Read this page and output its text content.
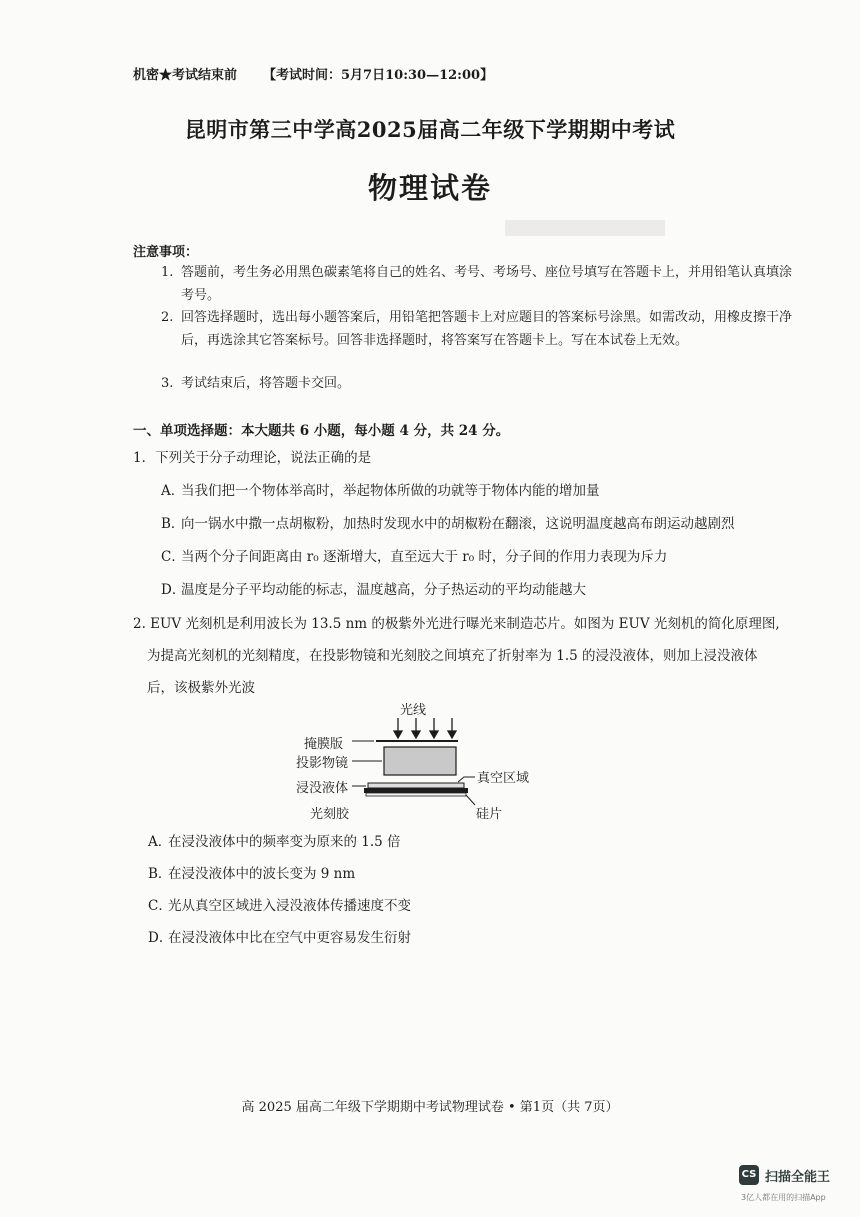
机密★考试结束前 【考试时间：5月7日10:30—12:00】
昆明市第三中学高2025届高二年级下学期期中考试
物理试卷
注意事项：
1. 答题前，考生务必用黑色碳素笔将自己的姓名、考号、考场号、座位号填写在答题卡上，并用铅笔认真填涂考号。
2. 回答选择题时，选出每小题答案后，用铅笔把答题卡上对应题目的答案标号涂黑。如需改动，用橡皮擦干净后，再选涂其它答案标号。回答非选择题时，将答案写在答题卡上。写在本试卷上无效。
3. 考试结束后，将答题卡交回。
一、单项选择题：本大题共 6 小题，每小题 4 分，共 24 分。
1．下列关于分子动理论，说法正确的是
A．当我们把一个物体举高时，举起物体所做的功就等于物体内能的增加量
B．向一锅水中撒一点胡椒粉，加热时发现水中的胡椒粉在翻滚，这说明温度越高布朗运动越剧烈
C．当两个分子间距离由 r₀ 逐渐增大，直至远大于 r₀ 时，分子间的作用力表现为斥力
D．温度是分子平均动能的标志，温度越高，分子热运动的平均动能越大
2. EUV 光刻机是利用波长为 13.5 nm 的极紫外光进行曝光来制造芯片。如图为 EUV 光刻机的简化原理图,
为提高光刻机的光刻精度，在投影物镜和光刻胶之间填充了折射率为 1.5 的浸没液体，则加上浸没液体
后，该极紫外光波
光线
掩膜版
投影物镜
浸没液体
光刻胶
真空区域
硅片
A．在浸没液体中的频率变为原来的 1.5 倍
B．在浸没液体中的波长变为 9 nm
C．光从真空区域进入浸没液体传播速度不变
D．在浸没液体中比在空气中更容易发生衍射
高 2025 届高二年级下学期期中考试物理试卷 • 第1页（共 7页）
CS 扫描全能王
3亿人都在用的扫描App
